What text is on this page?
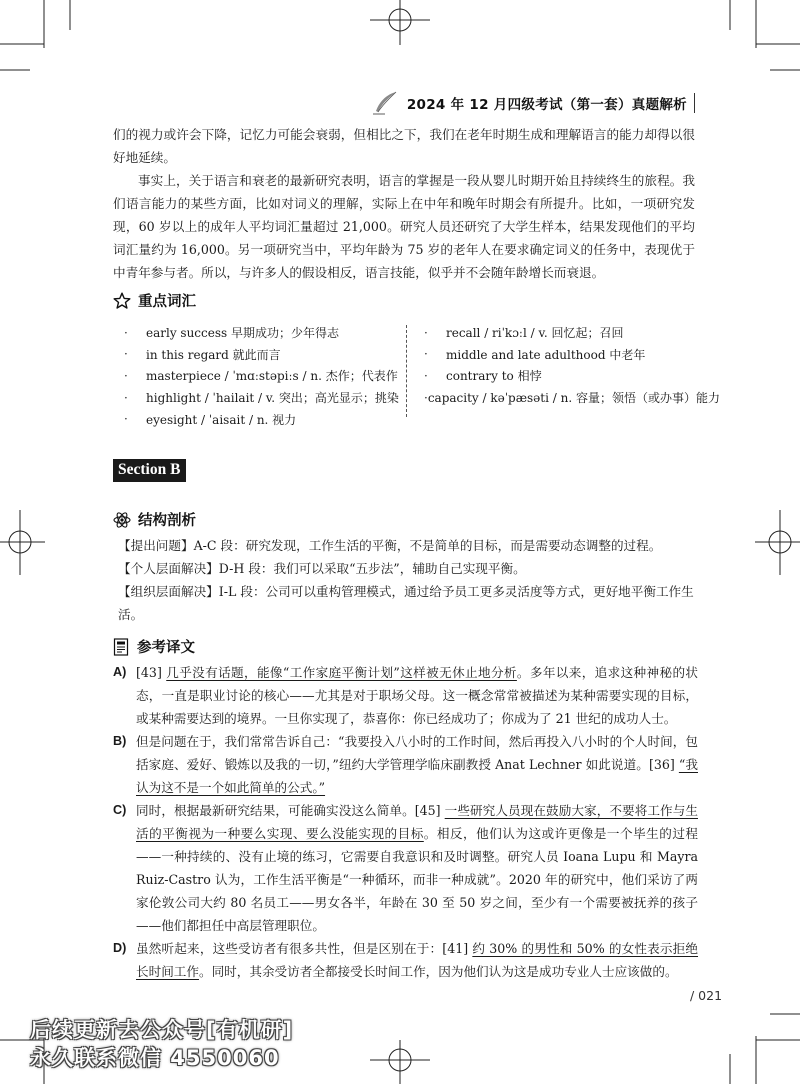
2024 年 12 月四级考试（第一套）真题解析

们的视力或许会下降，记忆力可能会衰弱，但相比之下，我们在老年时期生成和理解语言的能力却得以很好地延续。

事实上，关于语言和衰老的最新研究表明，语言的掌握是一段从婴儿时期开始且持续终生的旅程。我们语言能力的某些方面，比如对词义的理解，实际上在中年和晚年时期会有所提升。比如，一项研究发现，60 岁以上的成年人平均词汇量超过 21,000。研究人员还研究了大学生样本，结果发现他们的平均词汇量约为 16,000。另一项研究当中，平均年龄为 75 岁的老年人在要求确定词义的任务中，表现优于中青年参与者。所以，与许多人的假设相反，语言技能，似乎并不会随年龄增长而衰退。

重点词汇
·	early success 早期成功；少年得志
·	in this regard 就此而言
·	masterpiece / ˈmɑːstəpiːs / n. 杰作；代表作
·	highlight / ˈhailait / v. 突出；高光显示；挑染
·	eyesight / ˈaisait / n. 视力
·	recall / riˈkɔːl / v. 回忆起；召回
·	middle and late adulthood 中老年
·	contrary to 相悖
· capacity / kəˈpæsəti / n. 容量；领悟（或办事）能力
Section B
结构剖析

【提出问题】A-C 段：研究发现，工作生活的平衡，不是简单的目标，而是需要动态调整的过程。

【个人层面解决】D-H 段：我们可以采取“五步法”，辅助自己实现平衡。

【组织层面解决】I-L 段：公司可以重构管理模式，通过给予员工更多灵活度等方式，更好地平衡工作生活。

参考译文
A) [43] 几乎没有话题，能像“工作家庭平衡计划”这样被无休止地分析。多年以来，追求这种神秘的状态，一直是职业讨论的核心——尤其是对于职场父母。这一概念常常被描述为某种需要实现的目标，或某种需要达到的境界。一旦你实现了，恭喜你：你已经成功了；你成为了 21 世纪的成功人士。
B) 但是问题在于，我们常常告诉自己：“我要投入八小时的工作时间，然后再投入八小时的个人时间，包括家庭、爱好、锻炼以及我的一切，”纽约大学管理学临床副教授 Anat Lechner 如此说道。[36] “我认为这不是一个如此简单的公式。”
C) 同时，根据最新研究结果，可能确实没这么简单。[45] 一些研究人员现在鼓励大家，不要将工作与生活的平衡视为一种要么实现、要么没能实现的目标。相反，他们认为这或许更像是一个毕生的过程——一种持续的、没有止境的练习，它需要自我意识和及时调整。研究人员 Ioana Lupu 和 Mayra Ruiz-Castro 认为，工作生活平衡是“一种循环，而非一种成就”。2020 年的研究中，他们采访了两家伦敦公司大约 80 名员工——男女各半，年龄在 30 至 50 岁之间，至少有一个需要被抚养的孩子——他们都担任中高层管理职位。
D) 虽然听起来，这些受访者有很多共性，但是区别在于：[41] 约 30% 的男性和 50% 的女性表示拒绝长时间工作。同时，其余受访者全都接受长时间工作，因为他们认为这是成功专业人士应该做的。
/ 021
后续更新去公众号[有机研]
永久联系微信 4550060
